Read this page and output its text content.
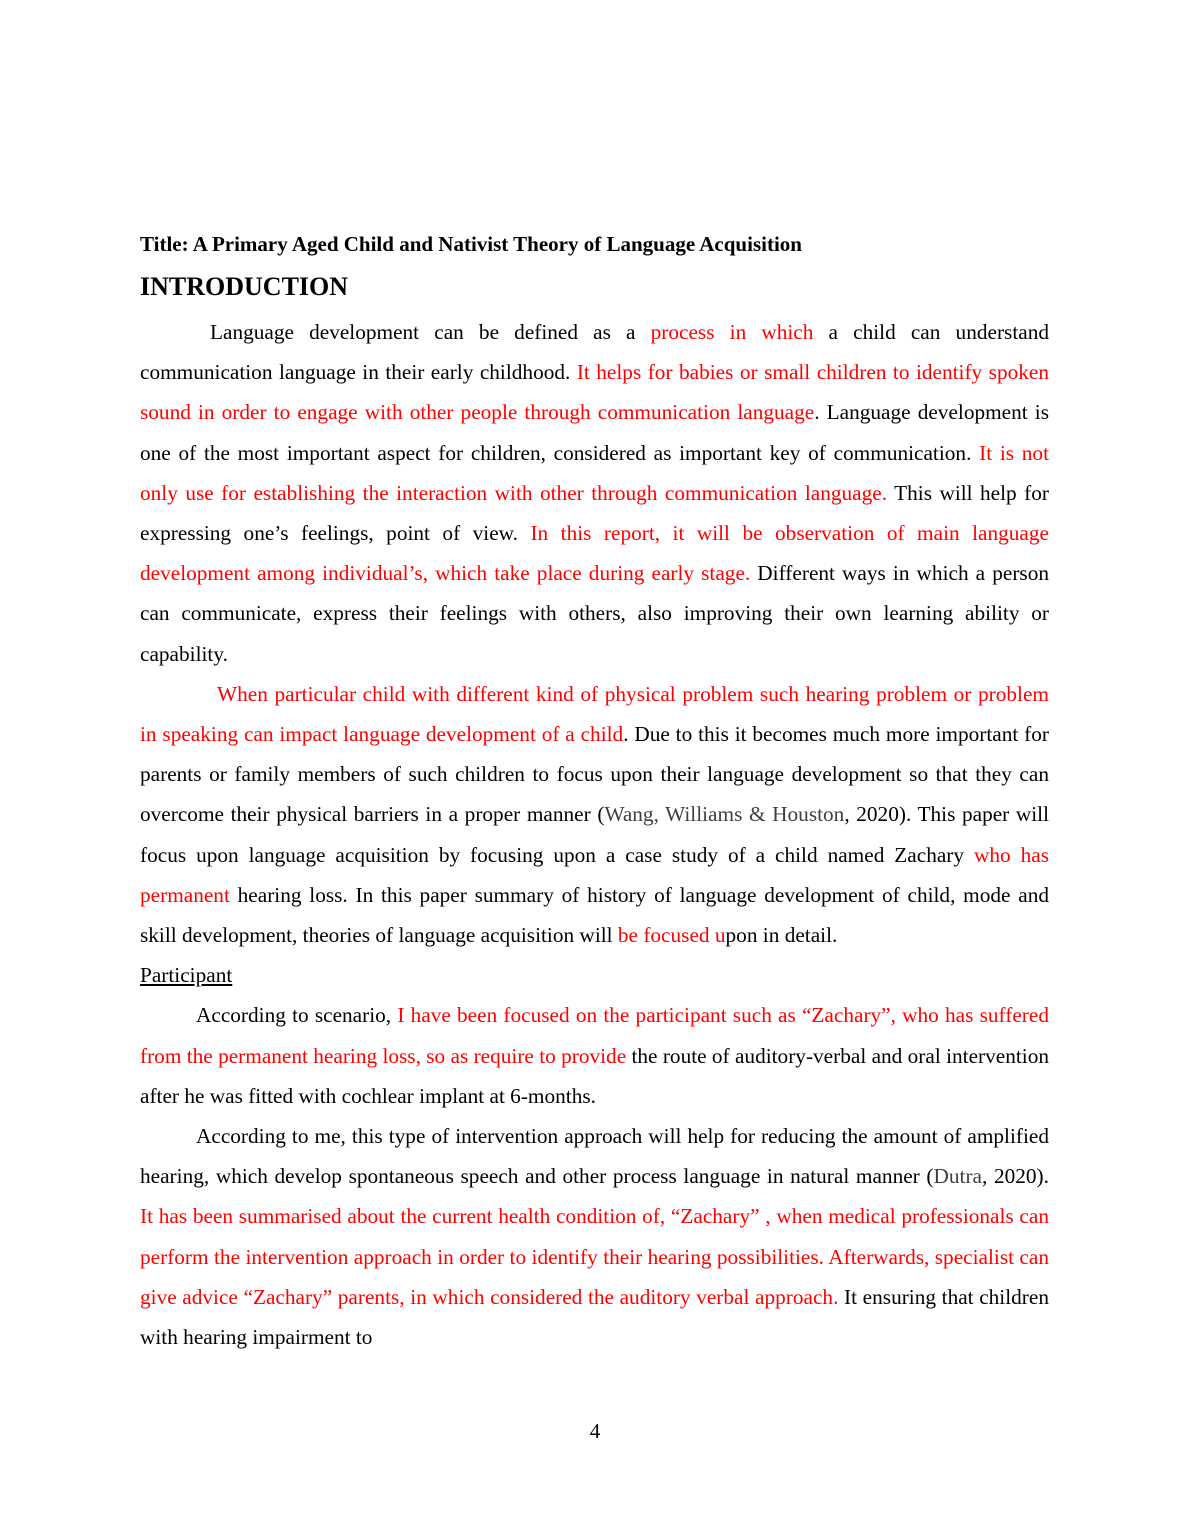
Title: A Primary Aged Child and Nativist Theory of Language Acquisition
INTRODUCTION

Language development can be defined as a process in which a child can understand communication language in their early childhood. It helps for babies or small children to identify spoken sound in order to engage with other people through communication language. Language development is one of the most important aspect for children, considered as important key of communication. It is not only use for establishing the interaction with other through communication language. This will help for expressing one’s feelings, point of view. In this report, it will be observation of main language development among individual’s, which take place during early stage. Different ways in which a person can communicate, express their feelings with others, also improving their own learning ability or capability.

When particular child with different kind of physical problem such hearing problem or problem in speaking can impact language development of a child. Due to this it becomes much more important for parents or family members of such children to focus upon their language development so that they can overcome their physical barriers in a proper manner (Wang, Williams & Houston, 2020). This paper will focus upon language acquisition by focusing upon a case study of a child named Zachary who has permanent hearing loss. In this paper summary of history of language development of child, mode and skill development, theories of language acquisition will be focused upon in detail.

Participant

According to scenario, I have been focused on the participant such as “Zachary”, who has suffered from the permanent hearing loss, so as require to provide the route of auditory-verbal and oral intervention after he was fitted with cochlear implant at 6-months.

According to me, this type of intervention approach will help for reducing the amount of amplified hearing, which develop spontaneous speech and other process language in natural manner (Dutra, 2020). It has been summarised about the current health condition of, “Zachary” , when medical professionals can perform the intervention approach in order to identify their hearing possibilities. Afterwards, specialist can give advice “Zachary” parents, in which considered the auditory verbal approach. It ensuring that children with hearing impairment to

4
